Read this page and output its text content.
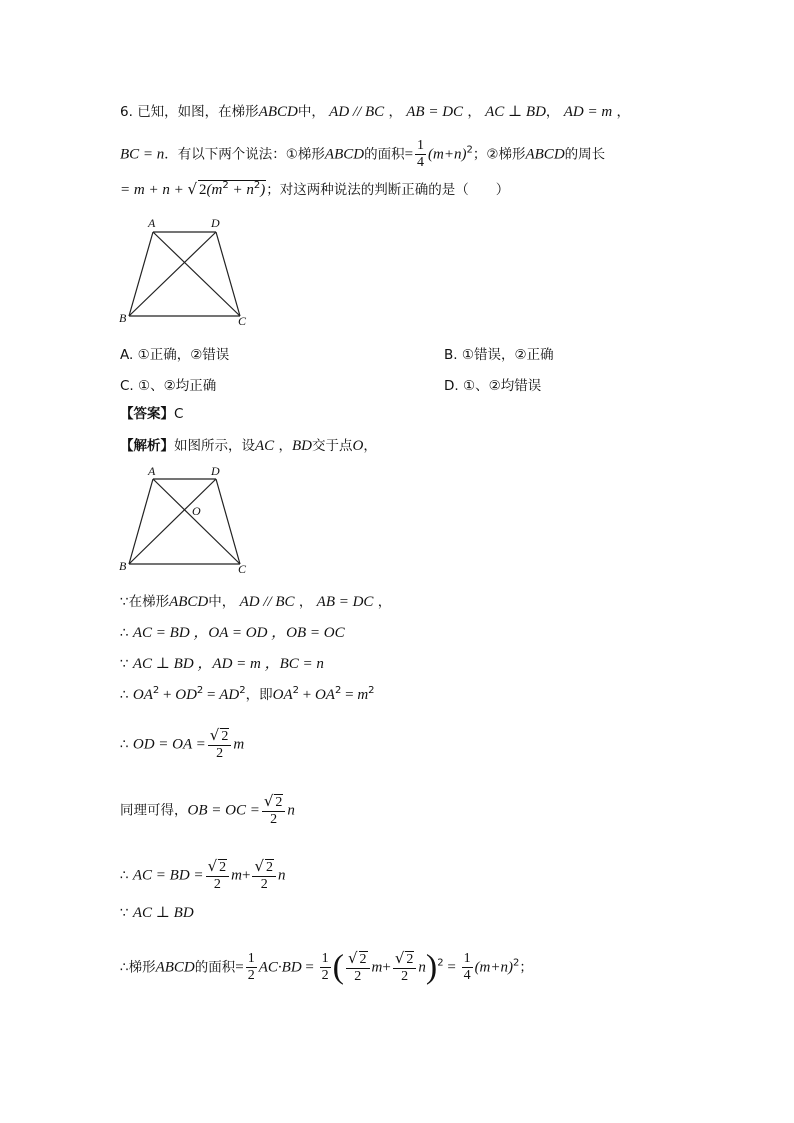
6. 已知，如图，在梯形ABCD中， AD // BC ， AB = DC ， AC ⊥ BD， AD = m ，
BC = n．有以下两个说法：①梯形ABCD的面积= $\frac{1}{4} (m+n)^2$；②梯形ABCD的周长
= m + n + √ $2(m^2 + n^2)$；对这两种说法的判断正确的是（　　）
A	D
B	C
A. ①正确，②错误	B. ①错误，②正确
C. ①、②均正确	D. ①、②均错误
【答案】C
【解析】如图所示，设AC ，BD交于点O，
A	D
B	C
O
∵在梯形ABCD中， AD // BC ， AB = DC ，
∴ AC = BD ，OA = OD ，OB = OC
∵ AC ⊥ BD ，AD = m ，BC = n
∴ $OA^2 + OD^2 = AD^2$，即$OA^2 + OA^2 = m^2$
∴ OD = OA = $\frac{√ 2}{2}$ m
同理可得，OB = OC = $\frac{√ 2}{2}$ n
∴ AC = BD = $\frac{√ 2}{2} m+ \frac{√ 2}{2}$ n
∵ AC ⊥ BD
∴梯形ABCD的面积= $\frac{1}{2} AC\cdot BD = \frac{1}{2}$ ( $\frac{√ 2}{2} m+ \frac{√ 2}{2} n)^2 = \frac{1}{4} (m+n)^2$；
